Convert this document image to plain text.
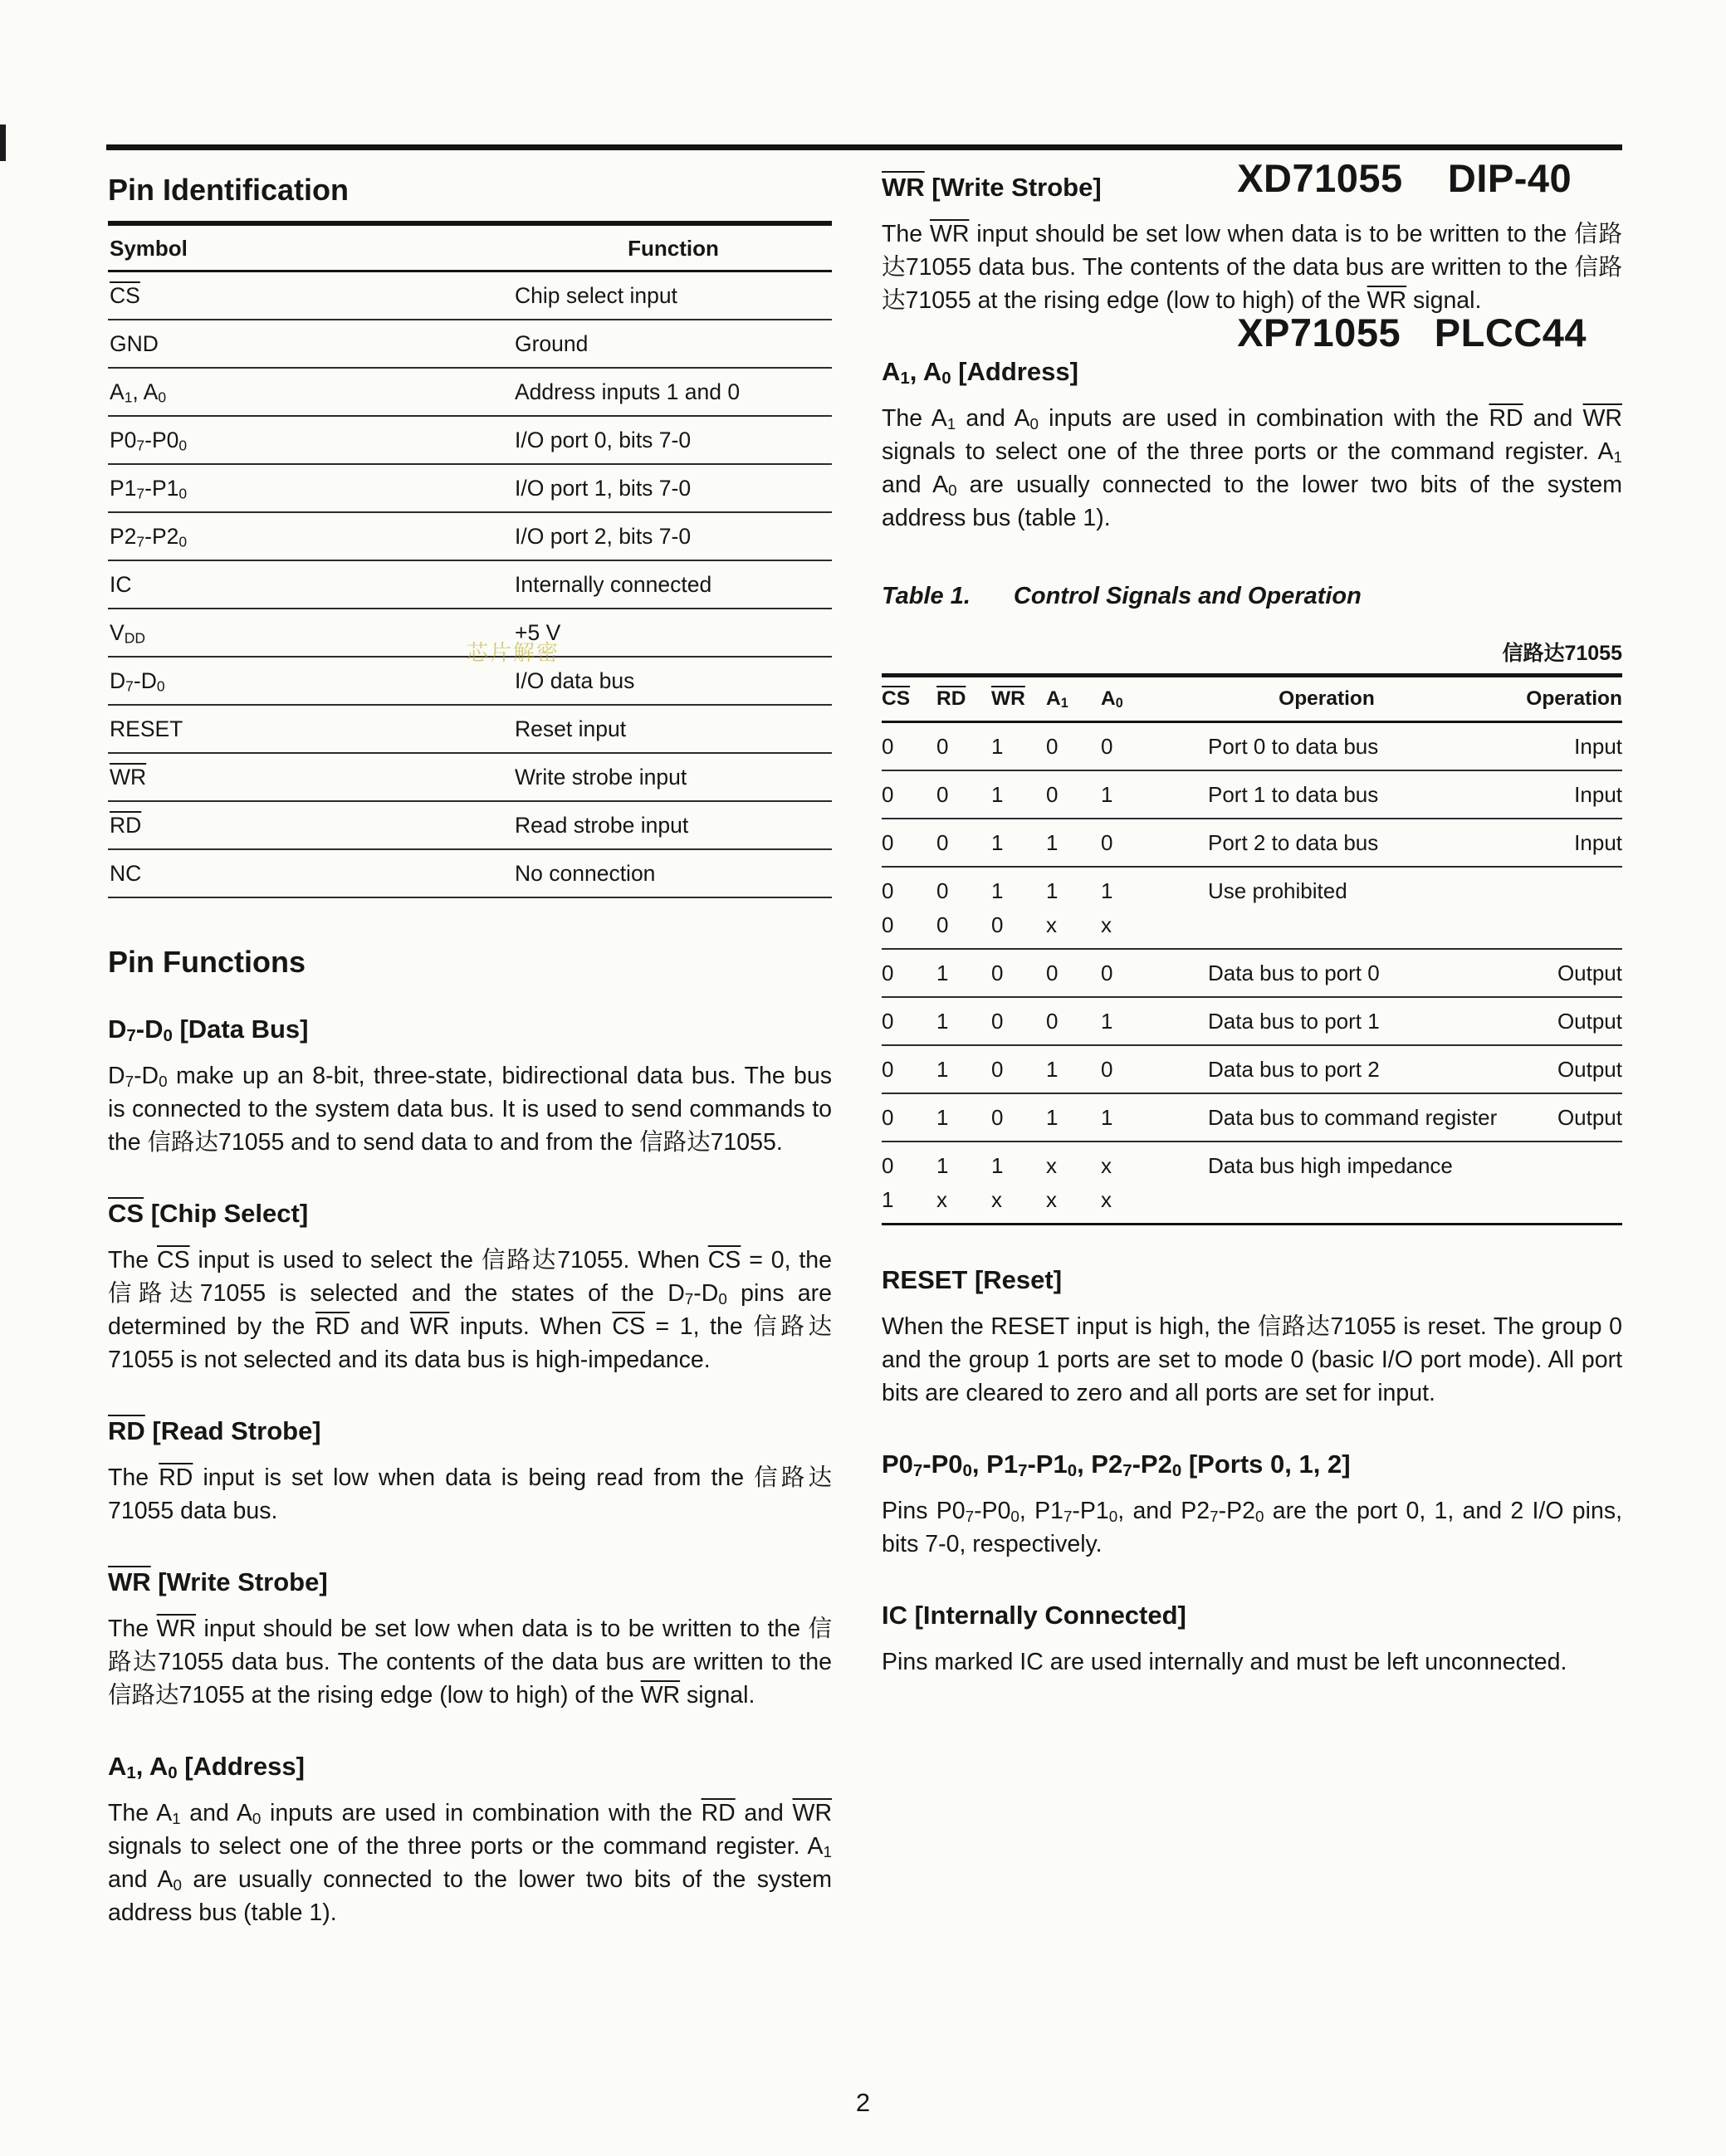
XD71055    DIP-40

XP71055   PLCC44

Pin Identification
Symbol	Function
$\overline{CS}$	Chip select input
GND	Ground
$A_1$, $A_0$	Address inputs 1 and 0
$P0_7-P0_0$	I/O port 0, bits 7-0
$P1_7-P1_0$	I/O port 1, bits 7-0
$P2_7-P2_0$	I/O port 2, bits 7-0
IC	Internally connected
$V_{DD}$	+5 V
$D_7-D_0$	I/O data bus
RESET	Reset input
$\overline{WR}$	Write strobe input
$\overline{RD}$	Read strobe input
NC	No connection
Pin Functions
$D_7-D_0$ [Data Bus]

$D_7-D_0$ make up an 8-bit, three-state, bidirectional data bus. The bus is connected to the system data bus. It is used to send commands to the 信路达71055 and to send data to and from the 信路达71055.

CS [Chip Select]

The $\overline{CS}$ input is used to select the 信路达71055. When $\overline{CS} = 0$, the 信路达71055 is selected and the states of the $D_7-D_0$ pins are determined by the $\overline{RD}$ and $\overline{WR}$ inputs. When $\overline{CS} = 1$, the 信路达71055 is not selected and its data bus is high-impedance.

RD [Read Strobe]

The $\overline{RD}$ input is set low when data is being read from the 信路达71055 data bus.

WR [Write Strobe]

The $\overline{WR}$ input should be set low when data is to be written to the 信路达71055 data bus. The contents of the data bus are written to the 信路达71055 at the rising edge (low to high) of the $\overline{WR}$ signal.

$A_1$, $A_0$ [Address]

The $A_1$ and $A_0$ inputs are used in combination with the $\overline{RD}$ and $\overline{WR}$ signals to select one of the three ports or the command register. $A_1$ and $A_0$ are usually connected to the lower two bits of the system address bus (table 1).

WR [Write Strobe]

The $\overline{WR}$ input should be set low when data is to be written to the 信路达71055 data bus. The contents of the data bus are written to the 信路达71055 at the rising edge (low to high) of the $\overline{WR}$ signal.

$A_1$, $A_0$ [Address]

The $A_1$ and $A_0$ inputs are used in combination with the $\overline{RD}$ and $\overline{WR}$ signals to select one of the three ports or the command register. $A_1$ and $A_0$ are usually connected to the lower two bits of the system address bus (table 1).

Table 1. Control Signals and Operation
信路达71055
$\overline{CS}$	$\overline{RD}$	$\overline{WR}$	$A_1$	$A_0$	Operation	Operation
0	0	1	0	0	Port 0 to data bus	Input
0	0	1	0	1	Port 1 to data bus	Input
0	0	1	1	0	Port 2 to data bus	Input
0	0	1	1	1	Use prohibited
0	0	0	x	x
0	1	0	0	0	Data bus to port 0	Output
0	1	0	0	1	Data bus to port 1	Output
0	1	0	1	0	Data bus to port 2	Output
0	1	0	1	1	Data bus to command register	Output
0	1	1	x	x	Data bus high impedance
1	x	x	x	x
RESET [Reset]

When the RESET input is high, the 信路达71055 is reset. The group 0 and the group 1 ports are set to mode 0 (basic I/O port mode). All port bits are cleared to zero and all ports are set for input.

$P0_7-P0_0$, $P1_7-P1_0$, $P2_7-P2_0$ [Ports 0, 1, 2]

Pins $P0_7-P0_0$, $P1_7-P1_0$, and $P2_7-P2_0$ are the port 0, 1, and 2 I/O pins, bits 7-0, respectively.

IC [Internally Connected]

Pins marked IC are used internally and must be left unconnected.

芯片解密
2
